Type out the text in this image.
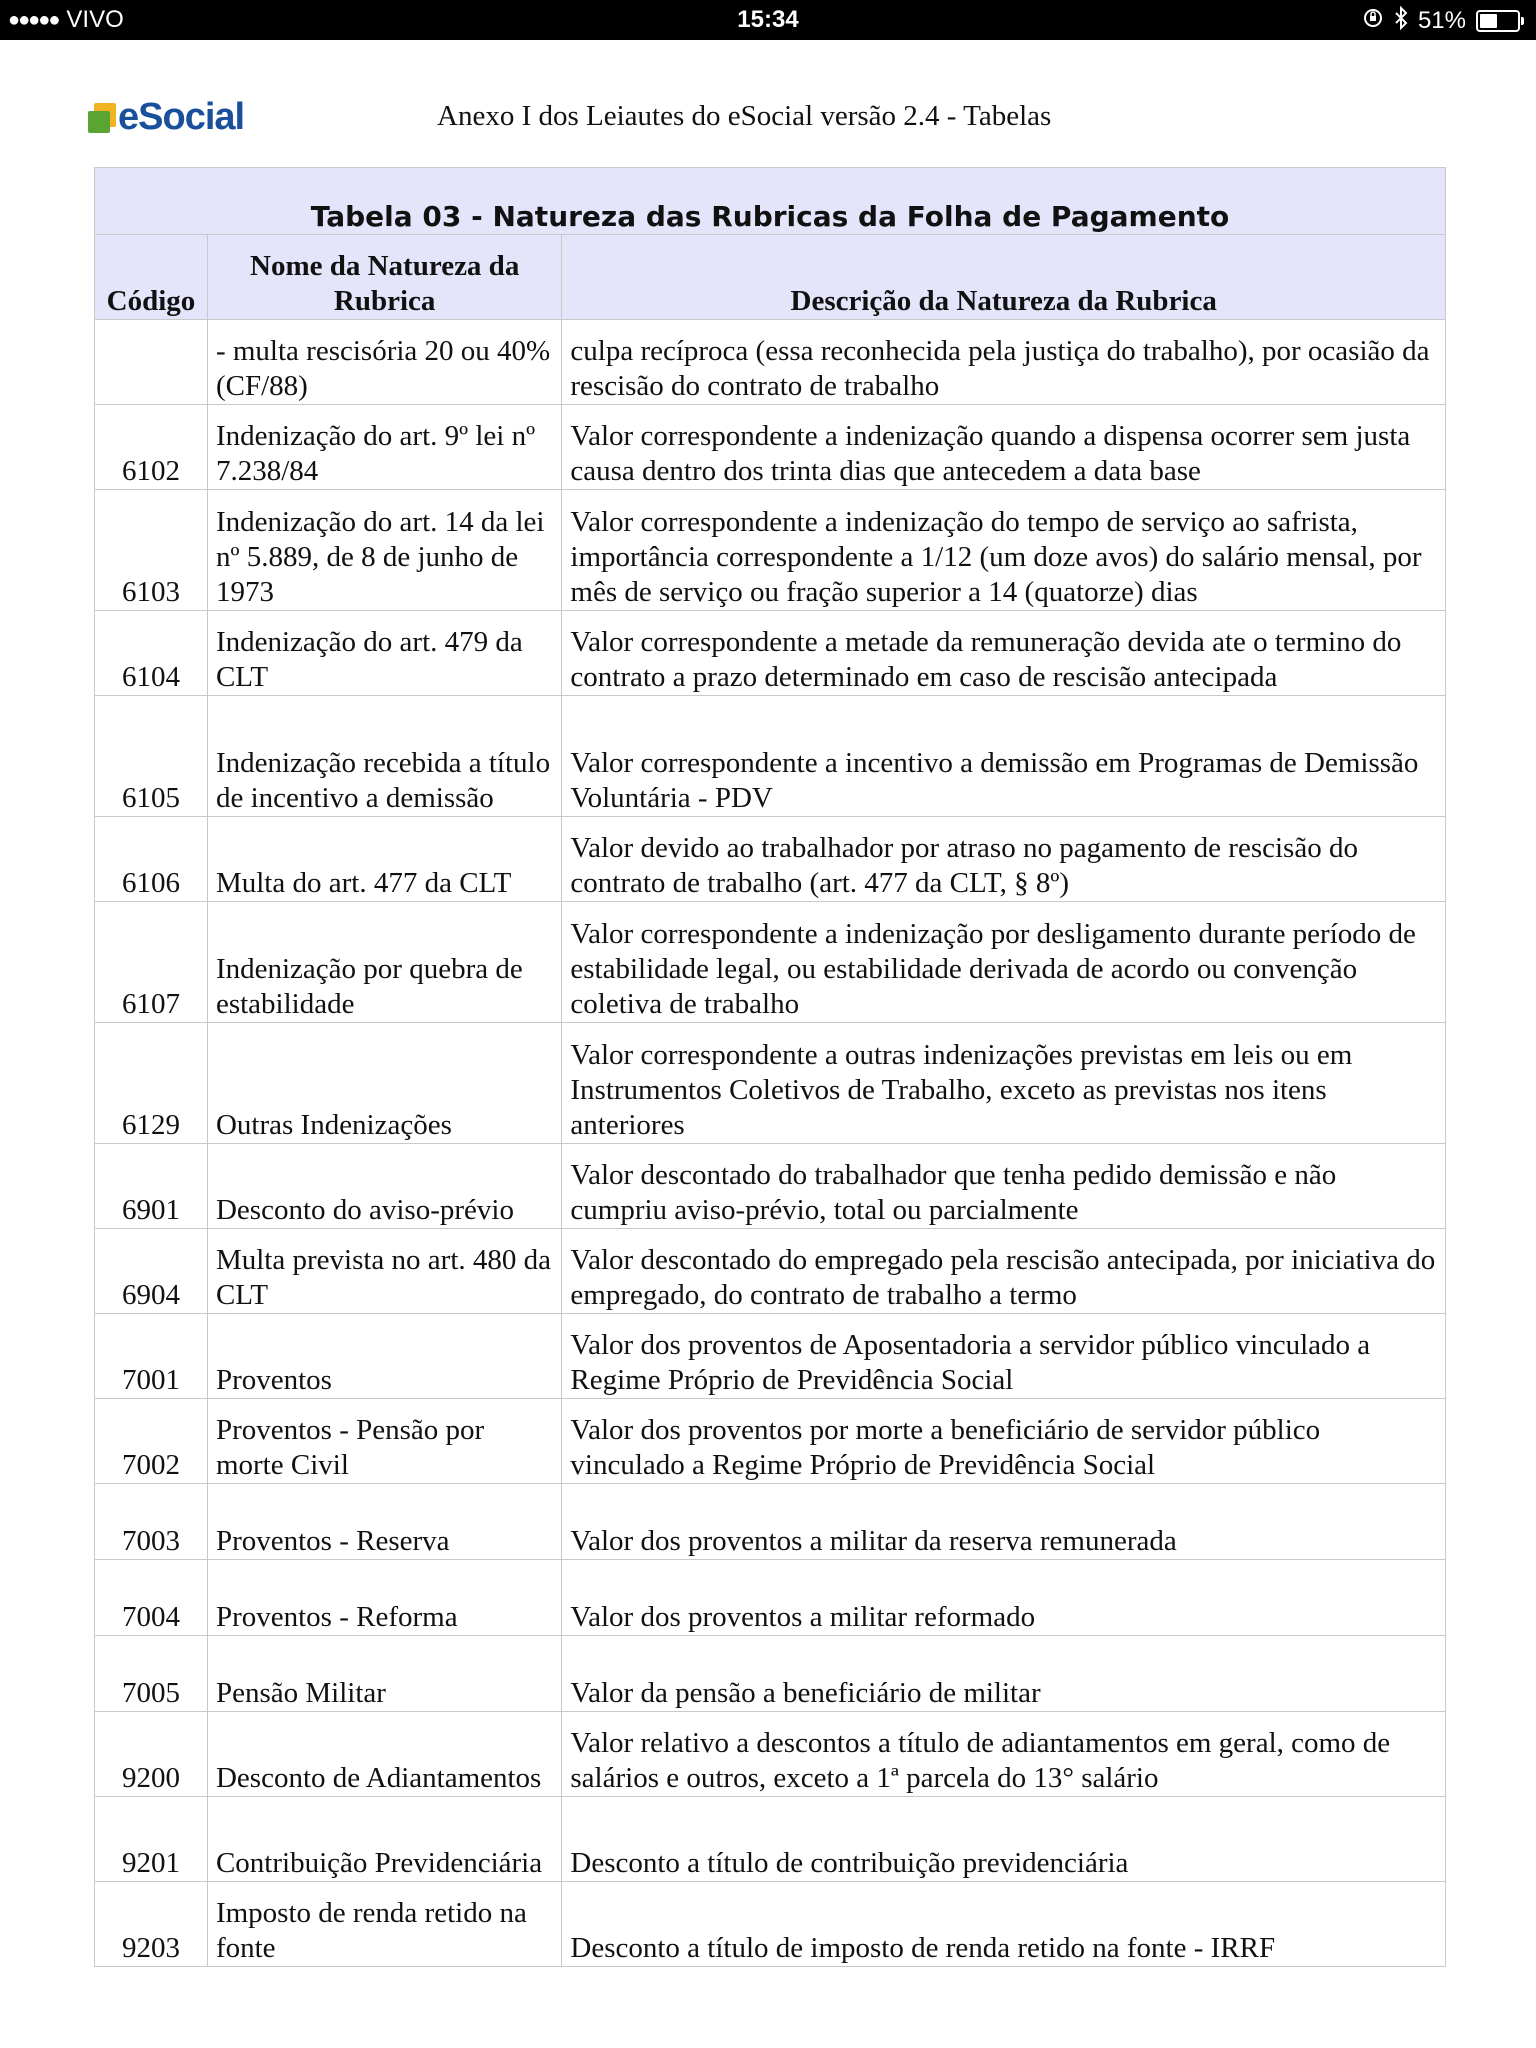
●●●●● VIVO	15:34	51%
eSocial	Anexo I dos Leiautes do eSocial versão 2.4 - Tabelas
Tabela 03 - Natureza das Rubricas da Folha de Pagamento		
Código	Nome da Natureza da Rubrica	Descrição da Natureza da Rubrica
	- multa rescisória 20 ou 40% (CF/88)	culpa recíproca (essa reconhecida pela justiça do trabalho), por ocasião da rescisão do contrato de trabalho
6102	Indenização do art. 9º lei nº 7.238/84	Valor correspondente a indenização quando a dispensa ocorrer sem justa causa dentro dos trinta dias que antecedem a data base
6103	Indenização do art. 14 da lei nº 5.889, de 8 de junho de 1973	Valor correspondente a indenização do tempo de serviço ao safrista, importância correspondente a 1/12 (um doze avos) do salário mensal, por mês de serviço ou fração superior a 14 (quatorze) dias
6104	Indenização do art. 479 da CLT	Valor correspondente a metade da remuneração devida ate o termino do contrato a prazo determinado em caso de rescisão antecipada
6105	Indenização recebida a título de incentivo a demissão	Valor correspondente a incentivo a demissão em Programas de Demissão Voluntária - PDV
6106	Multa do art. 477 da CLT	Valor devido ao trabalhador por atraso no pagamento de rescisão do contrato de trabalho (art. 477 da CLT, § 8º)
6107	Indenização por quebra de estabilidade	Valor correspondente a indenização por desligamento durante período de estabilidade legal, ou estabilidade derivada de acordo ou convenção coletiva de trabalho
6129	Outras Indenizações	Valor correspondente a outras indenizações previstas em leis ou em Instrumentos Coletivos de Trabalho, exceto as previstas nos itens anteriores
6901	Desconto do aviso-prévio	Valor descontado do trabalhador que tenha pedido demissão e não cumpriu aviso-prévio, total ou parcialmente
6904	Multa prevista no art. 480 da CLT	Valor descontado do empregado pela rescisão antecipada, por iniciativa do empregado, do contrato de trabalho a termo
7001	Proventos	Valor dos proventos de Aposentadoria a servidor público vinculado a Regime Próprio de Previdência Social
7002	Proventos - Pensão por morte Civil	Valor dos proventos por morte a beneficiário de servidor público vinculado a Regime Próprio de Previdência Social
7003	Proventos - Reserva	Valor dos proventos a militar da reserva remunerada
7004	Proventos - Reforma	Valor dos proventos a militar reformado
7005	Pensão Militar	Valor da pensão a beneficiário de militar
9200	Desconto de Adiantamentos	Valor relativo a descontos a título de adiantamentos em geral, como de salários e outros, exceto a 1ª parcela do 13° salário
9201	Contribuição Previdenciária	Desconto a título de contribuição previdenciária
9203	Imposto de renda retido na fonte	Desconto a título de imposto de renda retido na fonte - IRRF
